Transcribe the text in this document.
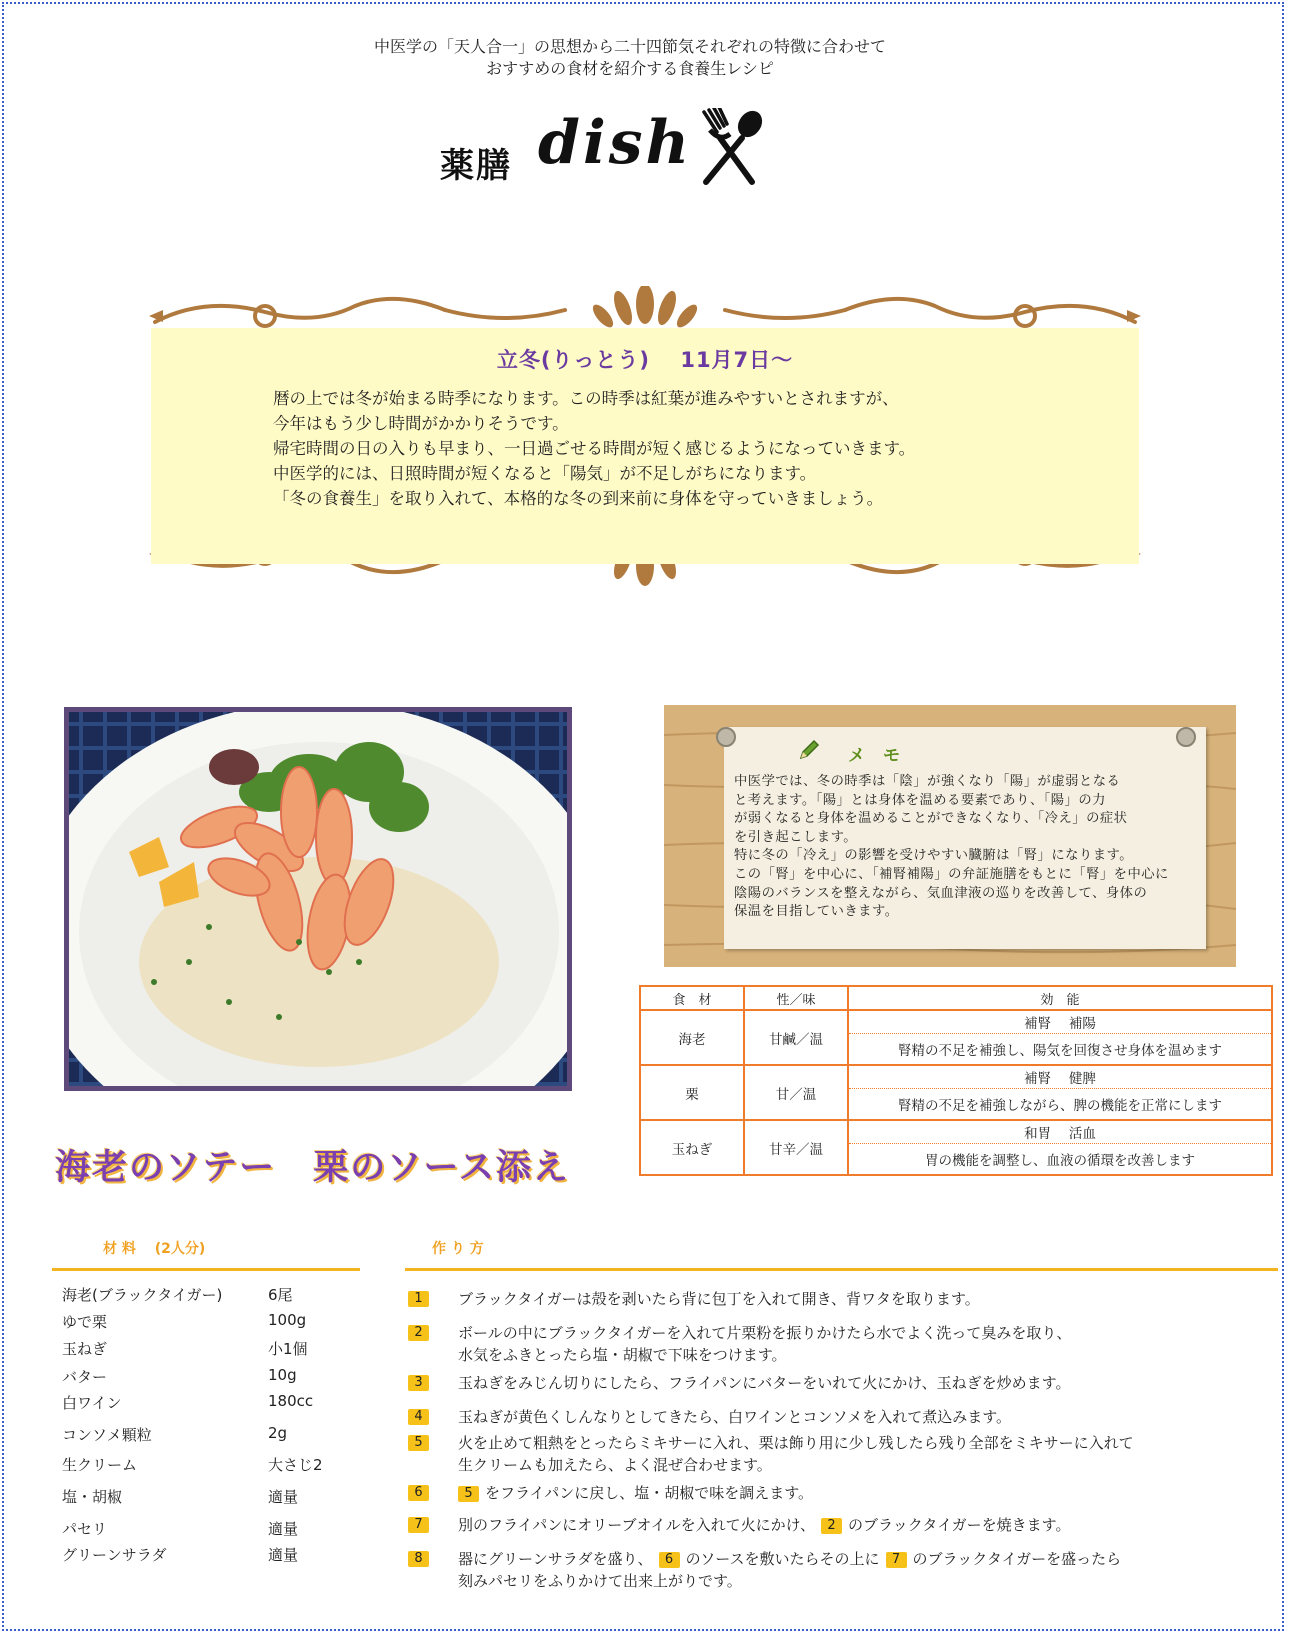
中医学の「天人合一」の思想から二十四節気それぞれの特徴に合わせて
おすすめの食材を紹介する食養生レシピ
薬膳 dish
立冬(りっとう)　 11月7日～
暦の上では冬が始まる時季になります。この時季は紅葉が進みやすいとされますが、
今年はもう少し時間がかかりそうです。
帰宅時間の日の入りも早まり、一日過ごせる時間が短く感じるようになっていきます。
中医学的には、日照時間が短くなると「陽気」が不足しがちになります。
「冬の食養生」を取り入れて、本格的な冬の到来前に身体を守っていきましょう。
海老のソテー　栗のソース添え
メモ
中医学では、冬の時季は「陰」が強くなり「陽」が虚弱となる
と考えます。「陽」とは身体を温める要素であり、「陽」の力
が弱くなると身体を温めることができなくなり、「冷え」の症状
を引き起こします。
特に冬の「冷え」の影響を受けやすい臓腑は「腎」になります。
この「腎」を中心に、「補腎補陽」の弁証施膳をもとに「腎」を中心に
陰陽のバランスを整えながら、気血津液の巡りを改善して、身体の
保温を目指していきます。
食　材	性／味	効　能
海老	甘鹹／温	補腎　 補陽
		腎精の不足を補強し、陽気を回復させ身体を温めます
栗	甘／温	補腎　 健脾
		腎精の不足を補強しながら、脾の機能を正常にします
玉ねぎ	甘辛／温	和胃　 活血
		胃の機能を調整し、血液の循環を改善します
材 料　 (2人分)
海老(ブラックタイガー)	6尾
ゆで栗	100g
玉ねぎ	小1個
バター	10g
白ワイン	180cc
コンソメ顆粒	2g
生クリーム	大さじ2
塩・胡椒	適量
パセリ	適量
グリーンサラダ	適量
作 り 方
1	ブラックタイガーは殻を剥いたら背に包丁を入れて開き、背ワタを取ります。
2	ボールの中にブラックタイガーを入れて片栗粉を振りかけたら水でよく洗って臭みを取り、
水気をふきとったら塩・胡椒で下味をつけます。
3	玉ねぎをみじん切りにしたら、フライパンにバターをいれて火にかけ、玉ねぎを炒めます。
4	玉ねぎが黄色くしんなりとしてきたら、白ワインとコンソメを入れて煮込みます。
5	火を止めて粗熱をとったらミキサーに入れ、栗は飾り用に少し残したら残り全部をミキサーに入れて
生クリームも加えたら、よく混ぜ合わせます。
6	5 をフライパンに戻し、塩・胡椒で味を調えます。
7	別のフライパンにオリーブオイルを入れて火にかけ、 2 のブラックタイガーを焼きます。
8	器にグリーンサラダを盛り、 6 のソースを敷いたらその上に 7 のブラックタイガーを盛ったら
刻みパセリをふりかけて出来上がりです。
